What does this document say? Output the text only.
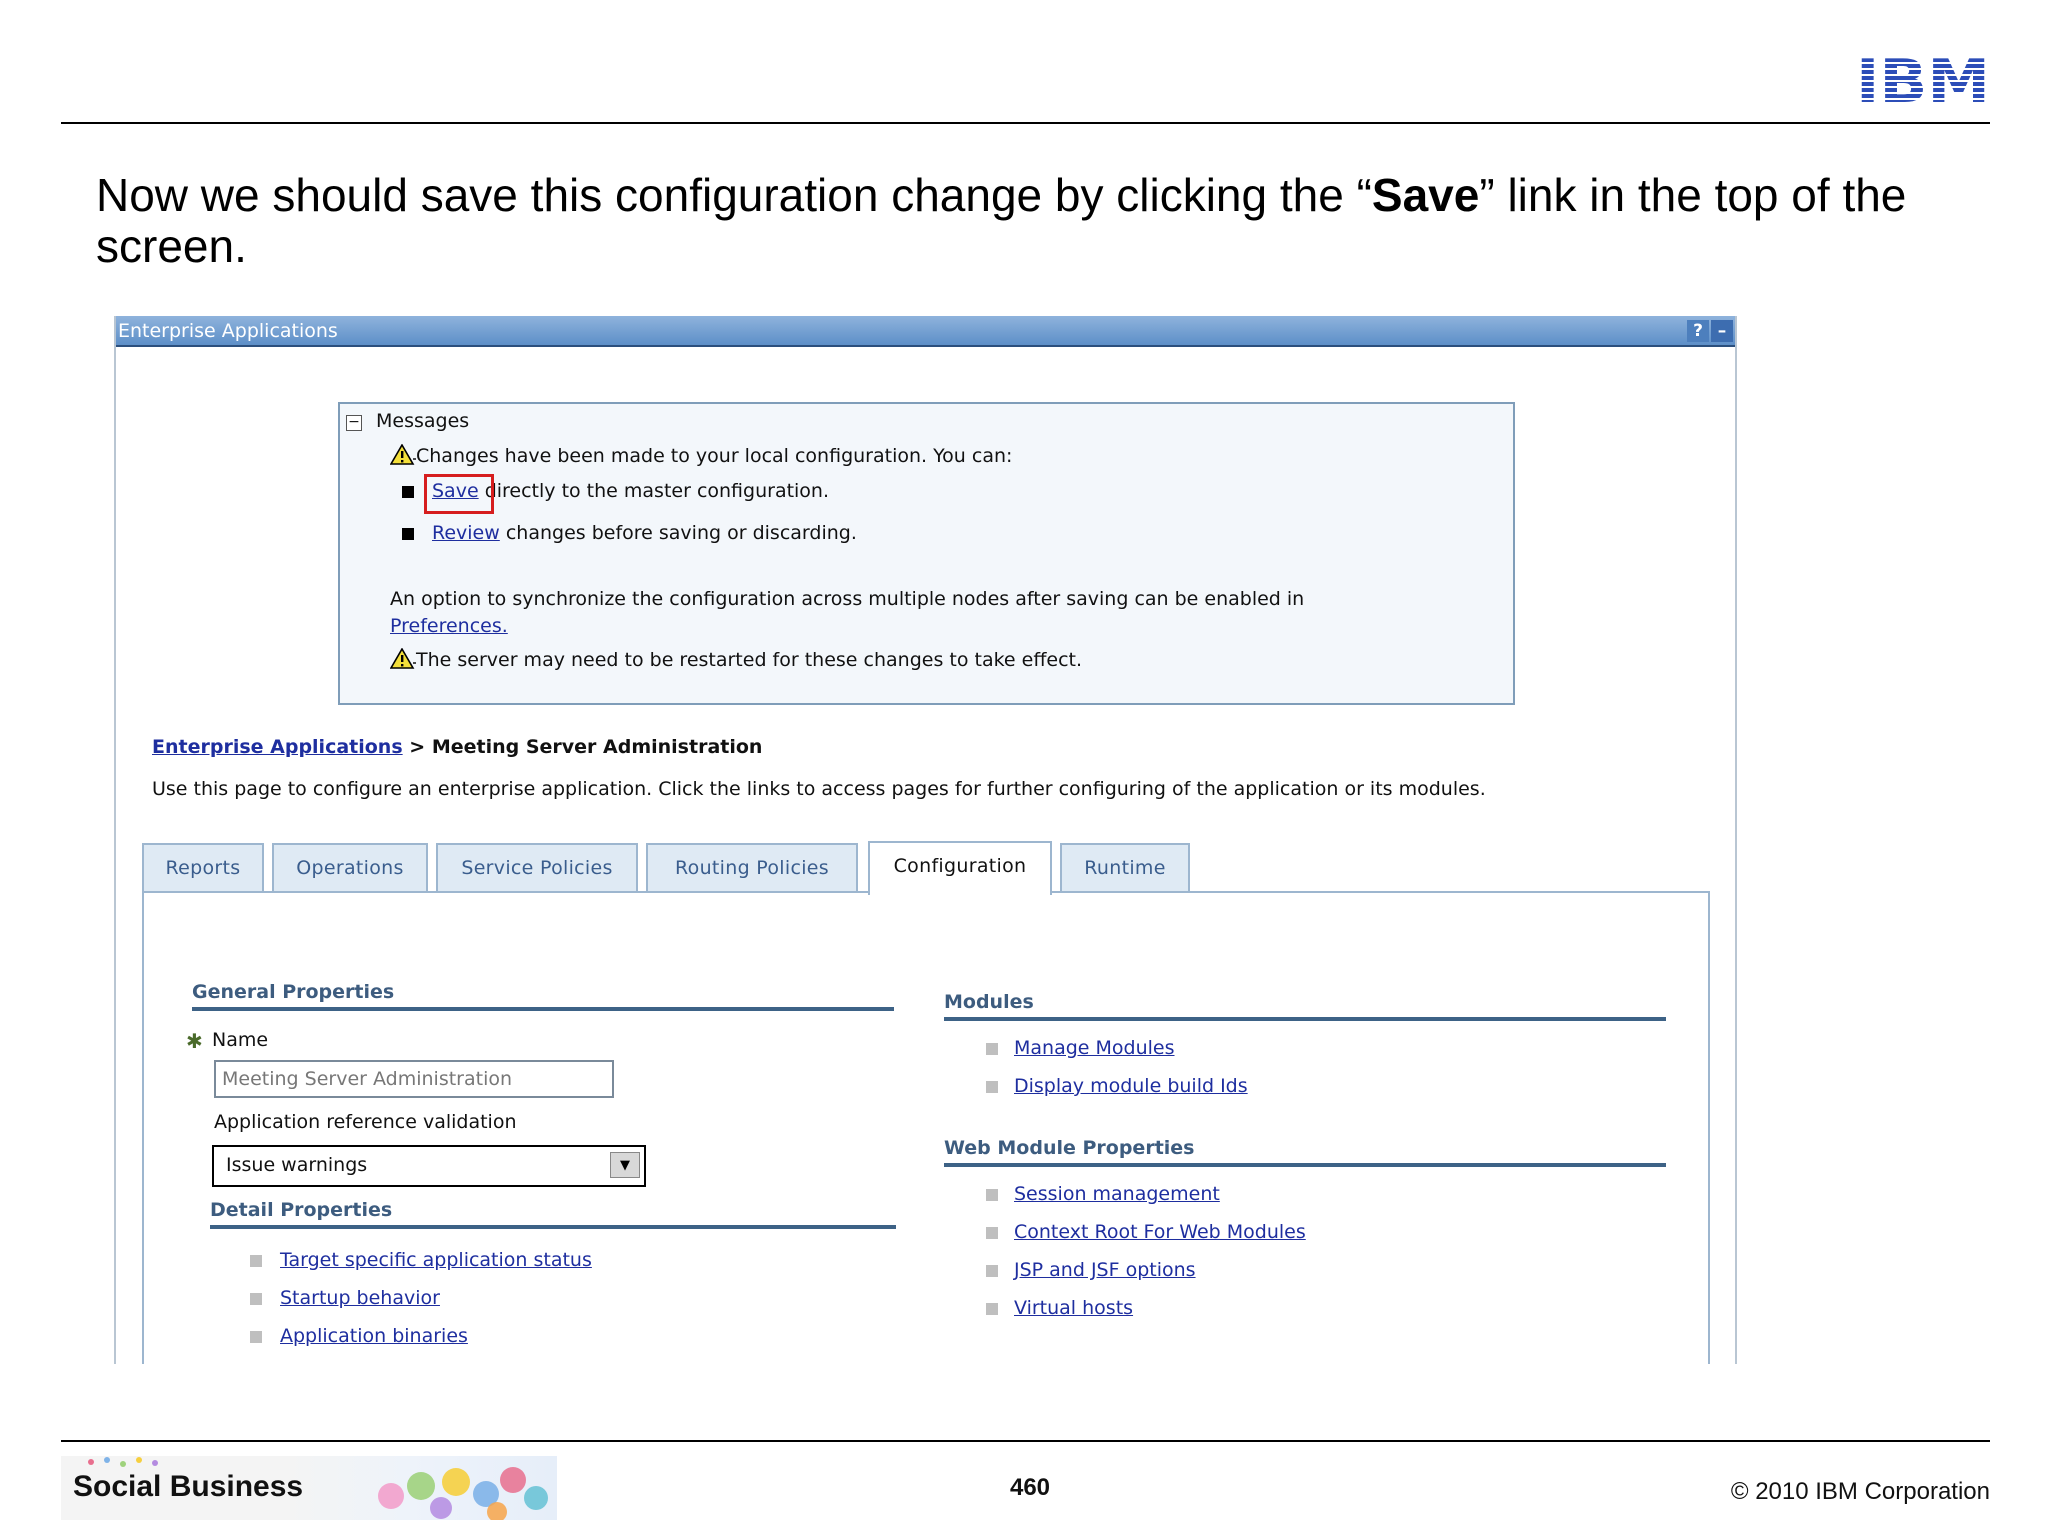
Now we should save this configuration change by clicking the “Save” link in the top of the screen.
Enterprise Applications	? –
− Messages
Changes have been made to your local configuration. You can:
Save directly to the master configuration.
Review changes before saving or discarding.
An option to synchronize the configuration across multiple nodes after saving can be enabled in
Preferences.
The server may need to be restarted for these changes to take effect.
Enterprise Applications > Meeting Server Administration
Use this page to configure an enterprise application. Click the links to access pages for further configuring of the application or its modules.
Reports	Operations	Service Policies	Routing Policies	Configuration	Runtime
General Properties
✱ Name
Meeting Server Administration
Application reference validation
Issue warnings	▼
Detail Properties
Target specific application status
Startup behavior
Application binaries
Modules
Manage Modules
Display module build Ids
Web Module Properties
Session management
Context Root For Web Modules
JSP and JSF options
Virtual hosts
Social Business	460	© 2010 IBM Corporation
